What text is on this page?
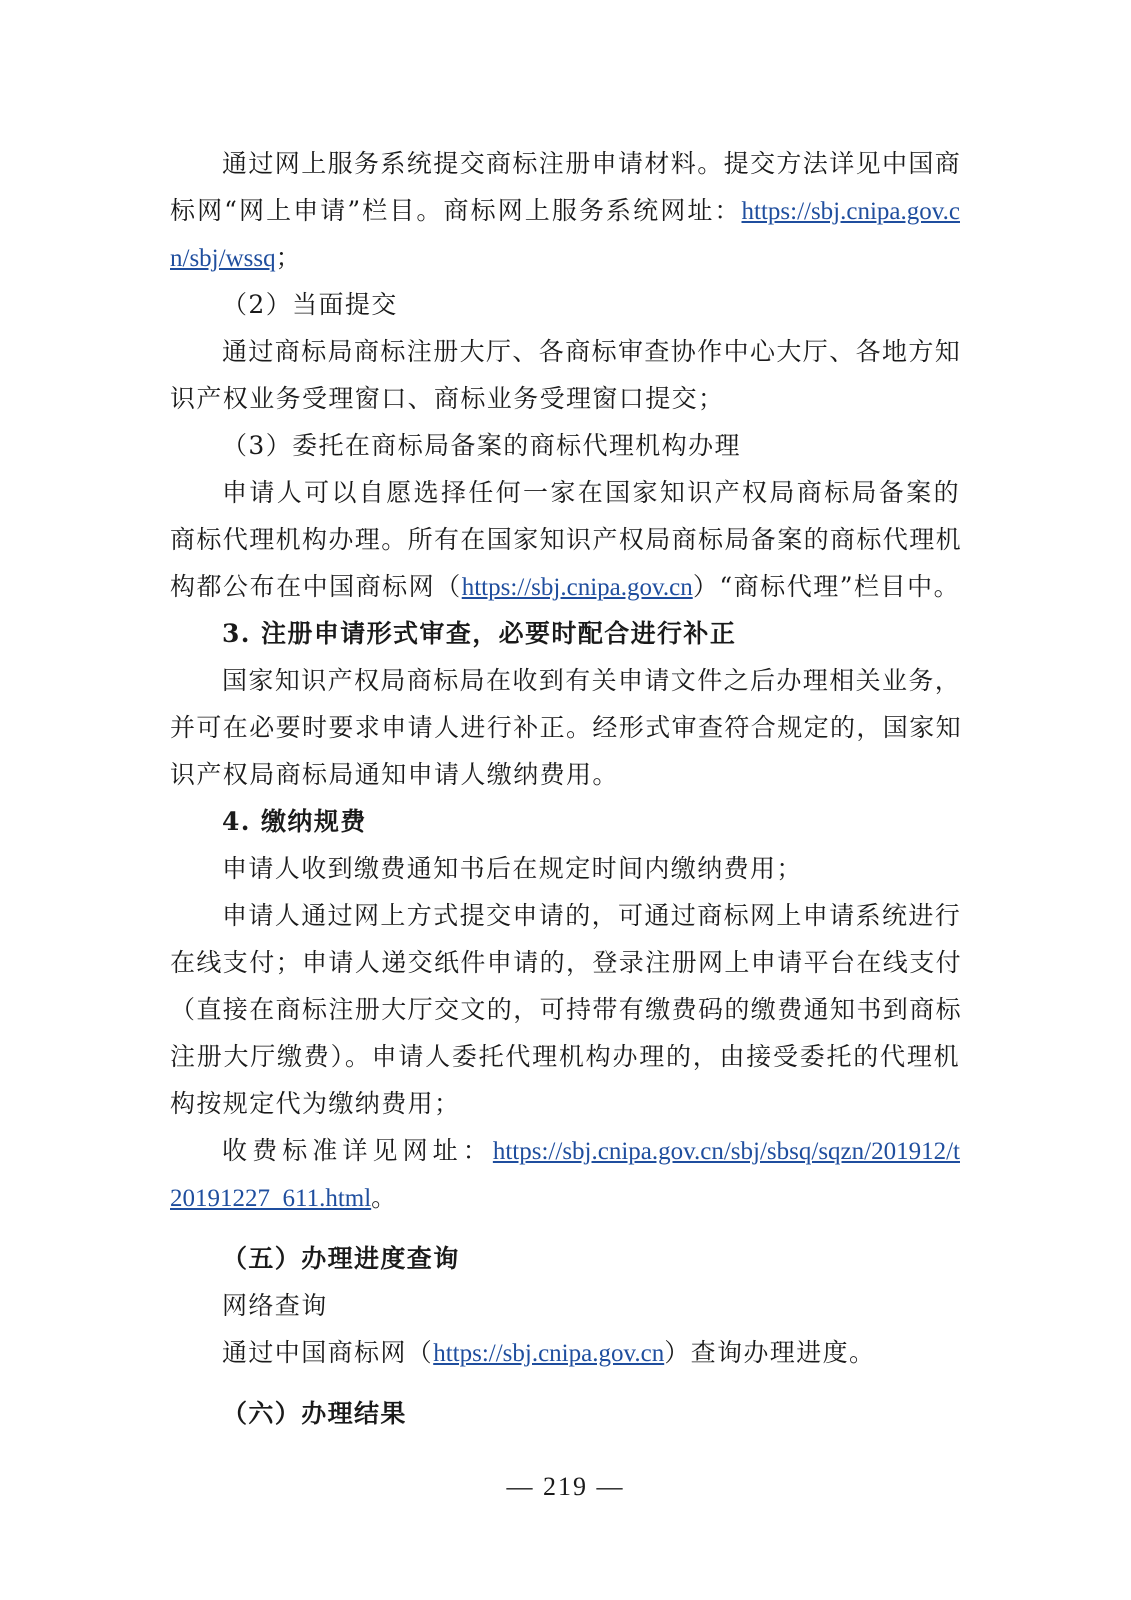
通过网上服务系统提交商标注册申请材料。提交方法详见中国商
标网“网上申请”栏目。商标网上服务系统网址：https://sbj.cnipa.gov.c
n/sbj/wssq；
（2）当面提交
通过商标局商标注册大厅、各商标审查协作中心大厅、各地方知
识产权业务受理窗口、商标业务受理窗口提交；
（3）委托在商标局备案的商标代理机构办理
申请人可以自愿选择任何一家在国家知识产权局商标局备案的
商标代理机构办理。所有在国家知识产权局商标局备案的商标代理机
构都公布在中国商标网（https://sbj.cnipa.gov.cn）“商标代理”栏目中。
3. 注册申请形式审查，必要时配合进行补正
国家知识产权局商标局在收到有关申请文件之后办理相关业务，
并可在必要时要求申请人进行补正。经形式审查符合规定的，国家知
识产权局商标局通知申请人缴纳费用。
4. 缴纳规费
申请人收到缴费通知书后在规定时间内缴纳费用；
申请人通过网上方式提交申请的，可通过商标网上申请系统进行
在线支付；申请人递交纸件申请的，登录注册网上申请平台在线支付
（直接在商标注册大厅交文的，可持带有缴费码的缴费通知书到商标
注册大厅缴费）。申请人委托代理机构办理的，由接受委托的代理机
构按规定代为缴纳费用；
收费标准详见网址：https://sbj.cnipa.gov.cn/sbj/sbsq/sqzn/201912/t
20191227_611.html。
（五）办理进度查询
网络查询
通过中国商标网（https://sbj.cnipa.gov.cn）查询办理进度。
（六）办理结果
— 219 —
